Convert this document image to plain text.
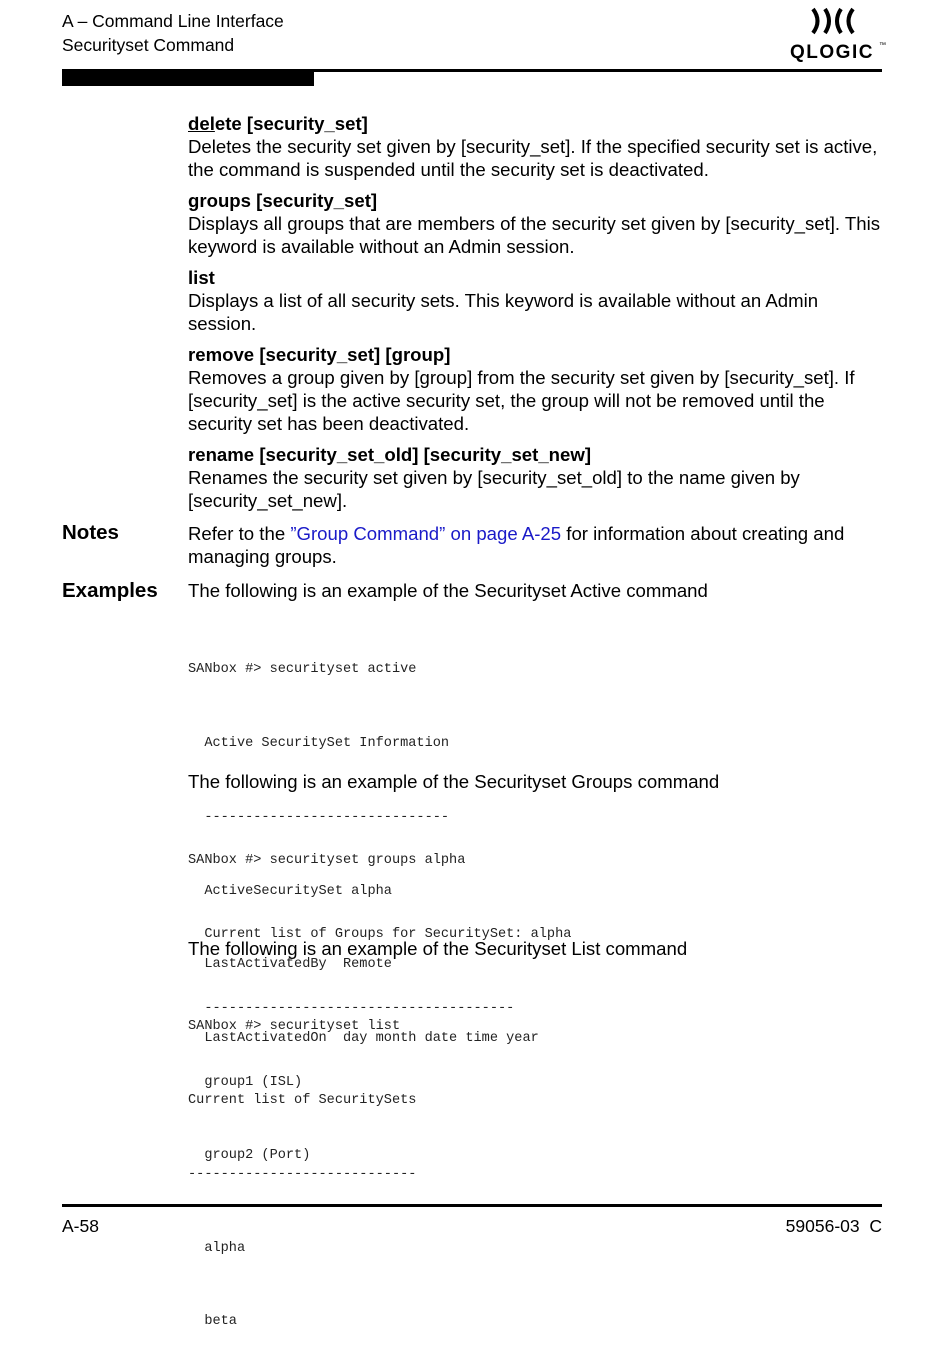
A – Command Line Interface
Securityset Command	QLOGIC ™
delete [security_set]
Deletes the security set given by [security_set]. If the specified security set is active, the command is suspended until the security set is deactivated.
groups [security_set]
Displays all groups that are members of the security set given by [security_set]. This keyword is available without an Admin session.
list
Displays a list of all security sets. This keyword is available without an Admin session.
remove [security_set] [group]
Removes a group given by [group] from the security set given by [security_set]. If [security_set] is the active security set, the group will not be removed until the security set has been deactivated.
rename [security_set_old] [security_set_new]
Renames the security set given by [security_set_old] to the name given by [security_set_new].
Notes	Refer to the ”Group Command” on page A-25 for information about creating and managing groups.
Examples The following is an example of the Securityset Active command

SANbox #> securityset active

Active SecuritySet Information

------------------------------

ActiveSecuritySet alpha

LastActivatedBy  Remote

LastActivatedOn  day month date time year

The following is an example of the Securityset Groups command

SANbox #> securityset groups alpha

Current list of Groups for SecuritySet: alpha

--------------------------------------

group1 (ISL)

group2 (Port)

The following is an example of the Securityset List command

SANbox #> securityset list

Current list of SecuritySets

----------------------------

alpha

beta

A-58	59056-03  C
